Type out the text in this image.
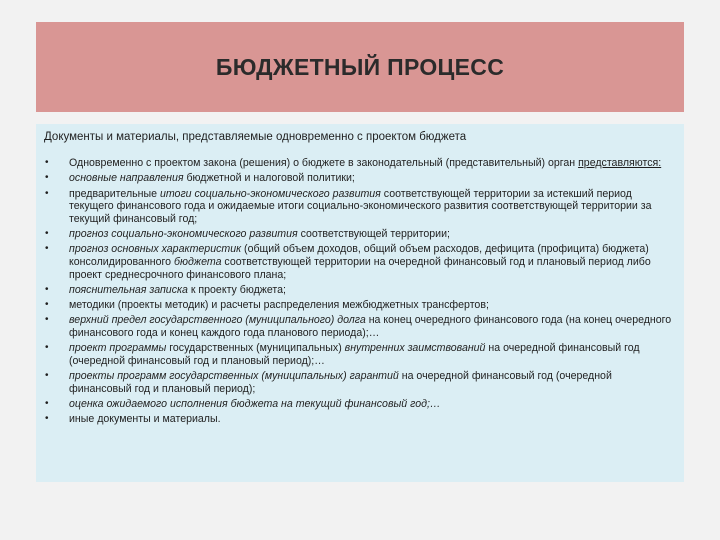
БЮДЖЕТНЫЙ ПРОЦЕСС

Документы и материалы, представляемые одновременно с проектом бюджета

• Одновременно с проектом закона (решения) о бюджете в законодательный (представительный) орган представляются:
• основные направления бюджетной и налоговой политики;
• предварительные итоги социально-экономического развития соответствующей территории за истекший период текущего финансового года и ожидаемые итоги социально-экономического развития соответствующей территории за текущий финансовый год;
• прогноз социально-экономического развития соответствующей территории;
• прогноз основных характеристик (общий объем доходов, общий объем расходов, дефицита (профицита) бюджета) консолидированного бюджета соответствующей территории на очередной финансовый год и плановый период либо проект среднесрочного финансового плана;
• пояснительная записка к проекту бюджета;
• методики (проекты методик) и расчеты распределения межбюджетных трансфертов;
• верхний предел государственного (муниципального) долга на конец очередного финансового года (на конец очередного финансового года и конец каждого года планового периода);…
• проект программы государственных (муниципальных) внутренних заимствований на очередной финансовый год (очередной финансовый год и плановый период);…
• проекты программ государственных (муниципальных) гарантий на очередной финансовый год (очередной финансовый год и плановый период);
• оценка ожидаемого исполнения бюджета на текущий финансовый год;…
• иные документы и материалы.
